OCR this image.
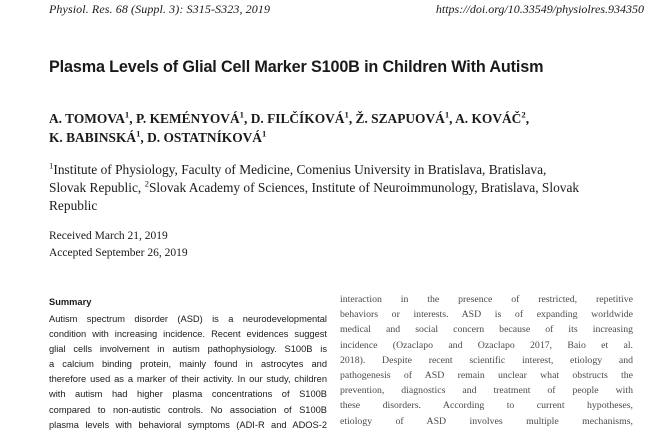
Physiol. Res. 68 (Suppl. 3): S315-S323, 2019	https://doi.org/10.33549/physiolres.934350
Plasma Levels of Glial Cell Marker S100B in Children With Autism
A. TOMOVA$^1$, P. KEMÉNYOVÁ$^1$, D. FILČÍKOVÁ$^1$, Ž. SZAPUOVÁ$^1$, A. KOVÁČ$^2$,
K. BABINSKÁ$^1$, D. OSTATNÍKOVÁ$^1$
$^1$Institute of Physiology, Faculty of Medicine, Comenius University in Bratislava, Bratislava,
Slovak Republic, $^2$Slovak Academy of Sciences, Institute of Neuroimmunology, Bratislava, Slovak
Republic
Received March 21, 2019
Accepted September 26, 2019
Summary
Autism spectrum disorder (ASD) is a neurodevelopmental
condition with increasing incidence. Recent evidences suggest
glial cells involvement in autism pathophysiology. S100B is
a calcium binding protein, mainly found in astrocytes and
therefore used as a marker of their activity. In our study, children
with autism had higher plasma concentrations of S100B
compared to non-autistic controls. No association of S100B
plasma levels with behavioral symptoms (ADI-R and ADOS-2
interaction in the presence of restricted, repetitive
behaviors or interests. ASD is of expanding worldwide
medical and social concern because of its increasing
incidence (Ozaclapo and Ozaclapo 2017, Baio et al.
2018). Despite recent scientific interest, etiology and
pathogenesis of ASD remain unclear what obstructs the
prevention, diagnostics and treatment of people with
these disorders. According to current hypotheses,
etiology of ASD involves multiple mechanisms,
